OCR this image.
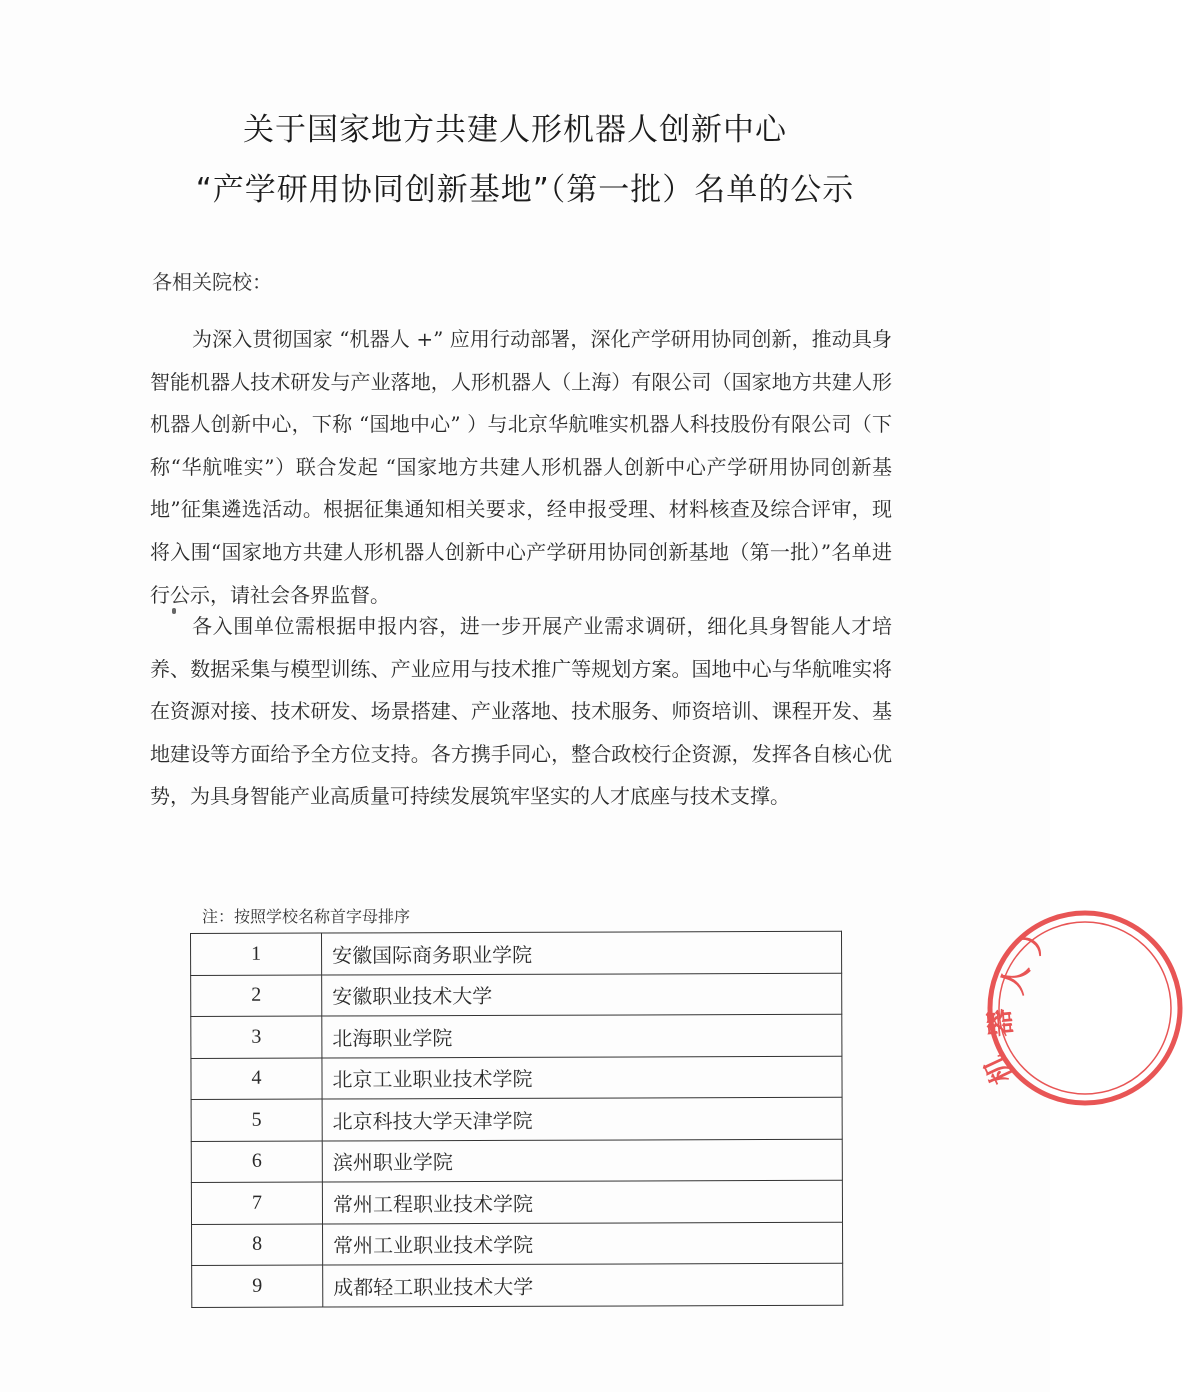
关于国家地方共建人形机器人创新中心
“产学研用协同创新基地”（第一批）名单的公示
各相关院校：

为深入贯彻国家 “机器人 +” 应用行动部署，深化产学研用协同创新，推动具身智能机器人技术研发与产业落地，人形机器人（上海）有限公司（国家地方共建人形机器人创新中心，下称 “国地中心” ）与北京华航唯实机器人科技股份有限公司（下称“华航唯实”）联合发起 “国家地方共建人形机器人创新中心产学研用协同创新基地”征集遴选活动。根据征集通知相关要求，经申报受理、材料核查及综合评审，现将入围“国家地方共建人形机器人创新中心产学研用协同创新基地（第一批）”名单进行公示，请社会各界监督。

各入围单位需根据申报内容，进一步开展产业需求调研，细化具身智能人才培养、数据采集与模型训练、产业应用与技术推广等规划方案。国地中心与华航唯实将在资源对接、技术研发、场景搭建、产业落地、技术服务、师资培训、课程开发、基地建设等方面给予全方位支持。各方携手同心，整合政校行企资源，发挥各自核心优势，为具身智能产业高质量可持续发展筑牢坚实的人才底座与技术支撑。

注：按照学校名称首字母排序
1	安徽国际商务职业学院
2	安徽职业技术大学
3	北海职业学院
4	北京工业职业技术学院
5	北京科技大学天津学院
6	滨州职业学院
7	常州工程职业技术学院
8	常州工业职业技术学院
9	成都轻工职业技术大学
）
人
器
机
